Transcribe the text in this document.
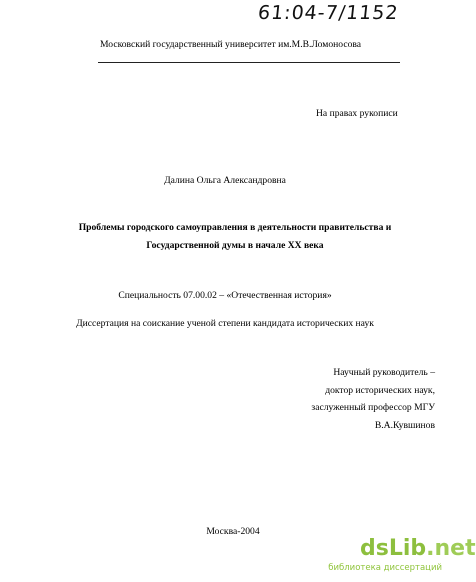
61:04-7/1152
Московский государственный университет им.М.В.Ломоносова
На правах рукописи
Далина Ольга Александровна
Проблемы городского самоуправления в деятельности правительства и
Государственной думы в начале XX века
Специальность 07.00.02 – «Отечественная история»
Диссертация на соискание ученой степени кандидата исторических наук
Научный руководитель –
доктор исторических наук,
заслуженный профессор МГУ
В.А.Кувшинов
Москва-2004
dsLib.net
библиотека диссертаций
